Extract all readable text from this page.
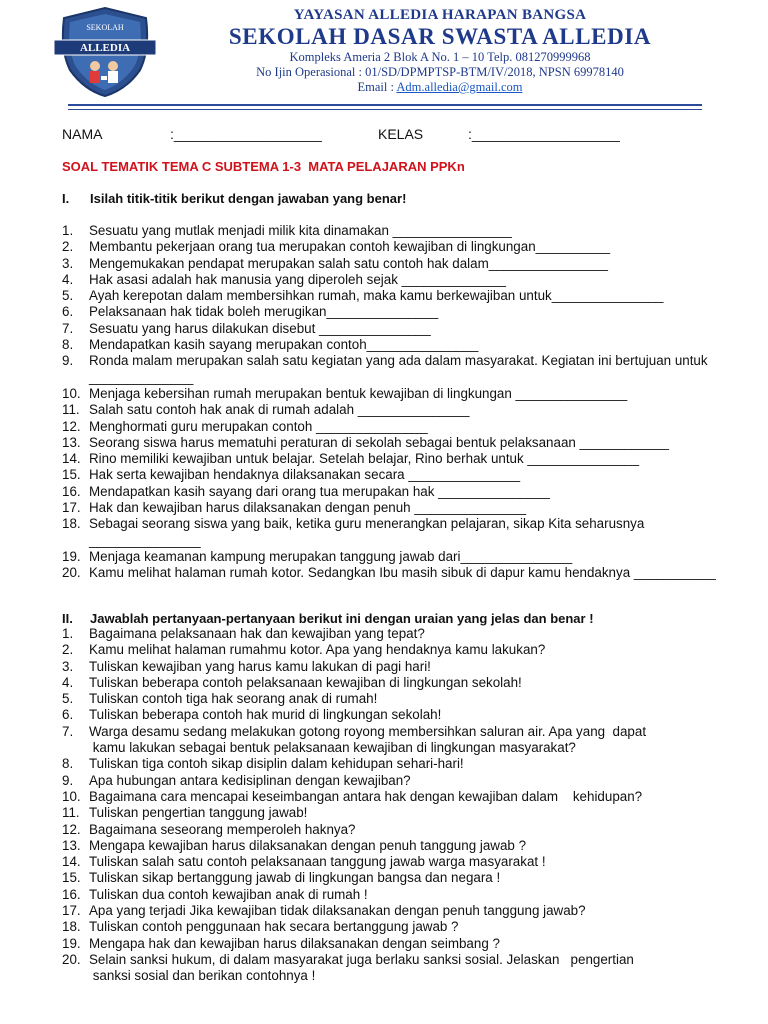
SEKOLAH
ALLEDIA
YAYASAN ALLEDIA HARAPAN BANGSA
SEKOLAH DASAR SWASTA ALLEDIA
Kompleks Ameria 2 Blok A No. 1 – 10 Telp. 081270999968
No Ijin Operasional : 01/SD/DPMPTSP-BTM/IV/2018, NPSN 69978140
Email : Adm.alledia@gmail.com
NAMA	:___________________	KELAS	:___________________
SOAL TEMATIK TEMA C SUBTEMA 1-3  MATA PELAJARAN PPKn
I. Isilah titik-titik berikut dengan jawaban yang benar!
1. Sesuatu yang mutlak menjadi milik kita dinamakan ________________
2. Membantu pekerjaan orang tua merupakan contoh kewajiban di lingkungan__________
3. Mengemukakan pendapat merupakan salah satu contoh hak dalam________________
4. Hak asasi adalah hak manusia yang diperoleh sejak ______________
5. Ayah kerepotan dalam membersihkan rumah, maka kamu berkewajiban untuk_______________
6. Pelaksanaan hak tidak boleh merugikan_______________
7. Sesuatu yang harus dilakukan disebut _______________
8. Mendapatkan kasih sayang merupakan contoh_______________
9. Ronda malam merupakan salah satu kegiatan yang ada dalam masyarakat. Kegiatan ini bertujuan untuk ______________
10. Menjaga kebersihan rumah merupakan bentuk kewajiban di lingkungan _______________
11. Salah satu contoh hak anak di rumah adalah _______________
12. Menghormati guru merupakan contoh _______________
13. Seorang siswa harus mematuhi peraturan di sekolah sebagai bentuk pelaksanaan ____________
14. Rino memiliki kewajiban untuk belajar. Setelah belajar, Rino berhak untuk _______________
15. Hak serta kewajiban hendaknya dilaksanakan secara _______________
16. Mendapatkan kasih sayang dari orang tua merupakan hak _______________
17. Hak dan kewajiban harus dilaksanakan dengan penuh _______________
18. Sebagai seorang siswa yang baik, ketika guru menerangkan pelajaran, sikap Kita seharusnya _______________
19. Menjaga keamanan kampung merupakan tanggung jawab dari_______________
20. Kamu melihat halaman rumah kotor. Sedangkan Ibu masih sibuk di dapur kamu hendaknya ___________
II. Jawablah pertanyaan-pertanyaan berikut ini dengan uraian yang jelas dan benar !
1. Bagaimana pelaksanaan hak dan kewajiban yang tepat?
2. Kamu melihat halaman rumahmu kotor. Apa yang hendaknya kamu lakukan?
3. Tuliskan kewajiban yang harus kamu lakukan di pagi hari!
4. Tuliskan beberapa contoh pelaksanaan kewajiban di lingkungan sekolah!
5. Tuliskan contoh tiga hak seorang anak di rumah!
6. Tuliskan beberapa contoh hak murid di lingkungan sekolah!
7. Warga desamu sedang melakukan gotong royong membersihkan saluran air. Apa yang  dapat
kamu lakukan sebagai bentuk pelaksanaan kewajiban di lingkungan masyarakat?
8. Tuliskan tiga contoh sikap disiplin dalam kehidupan sehari-hari!
9. Apa hubungan antara kedisiplinan dengan kewajiban?
10. Bagaimana cara mencapai keseimbangan antara hak dengan kewajiban dalam    kehidupan?
11. Tuliskan pengertian tanggung jawab!
12. Bagaimana seseorang memperoleh haknya?
13. Mengapa kewajiban harus dilaksanakan dengan penuh tanggung jawab ?
14. Tuliskan salah satu contoh pelaksanaan tanggung jawab warga masyarakat !
15. Tuliskan sikap bertanggung jawab di lingkungan bangsa dan negara !
16. Tuliskan dua contoh kewajiban anak di rumah !
17. Apa yang terjadi Jika kewajiban tidak dilaksanakan dengan penuh tanggung jawab?
18. Tuliskan contoh penggunaan hak secara bertanggung jawab ?
19. Mengapa hak dan kewajiban harus dilaksanakan dengan seimbang ?
20. Selain sanksi hukum, di dalam masyarakat juga berlaku sanksi sosial. Jelaskan   pengertian
sanksi sosial dan berikan contohnya !
